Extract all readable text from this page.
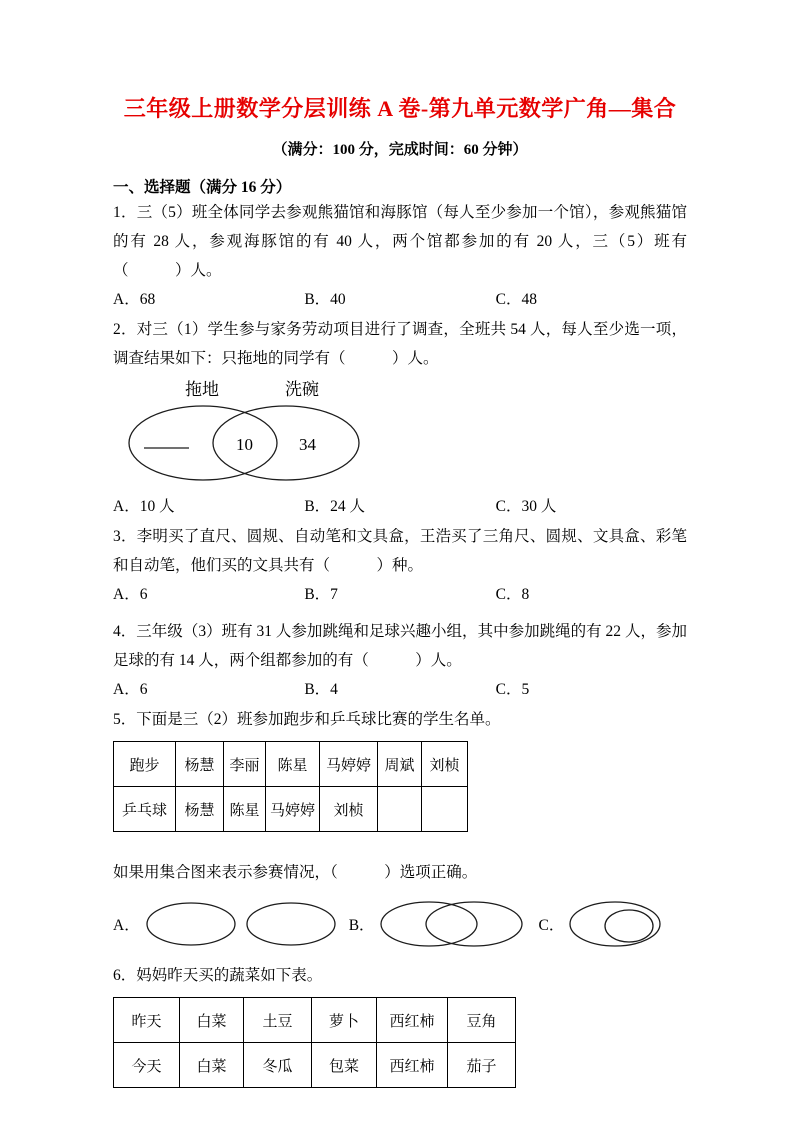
三年级上册数学分层训练 A 卷-第九单元数学广角—集合
（满分：100 分，完成时间：60 分钟）
一、选择题（满分 16 分）

1．三（5）班全体同学去参观熊猫馆和海豚馆（每人至少参加一个馆），参观熊猫馆的有 28 人，参观海豚馆的有 40 人，两个馆都参加的有 20 人，三（5）班有（　　　）人。

A．68	B．40	C．48

2．对三（1）学生参与家务劳动项目进行了调查，全班共 54 人，每人至少选一项，调查结果如下：只拖地的同学有（　　　）人。

拖地	洗碗
10	34
A．10 人	B．24 人	C．30 人

3．李明买了直尺、圆规、自动笔和文具盒，王浩买了三角尺、圆规、文具盒、彩笔和自动笔，他们买的文具共有（　　　）种。

A．6	B．7	C．8

4．三年级（3）班有 31 人参加跳绳和足球兴趣小组，其中参加跳绳的有 22 人，参加足球的有 14 人，两个组都参加的有（　　　）人。

A．6	B．4	C．5

5．下面是三（2）班参加跑步和乒乓球比赛的学生名单。

跑步	杨慧	李丽	陈星	马婷婷	周斌	刘桢
乒乓球	杨慧	陈星	马婷婷	刘桢		

如果用集合图来表示参赛情况，（　　　）选项正确。

A．	B．	C．

6．妈妈昨天买的蔬菜如下表。

昨天	白菜	土豆	萝卜	西红柿	豆角
今天	白菜	冬瓜	包菜	西红柿	茄子
